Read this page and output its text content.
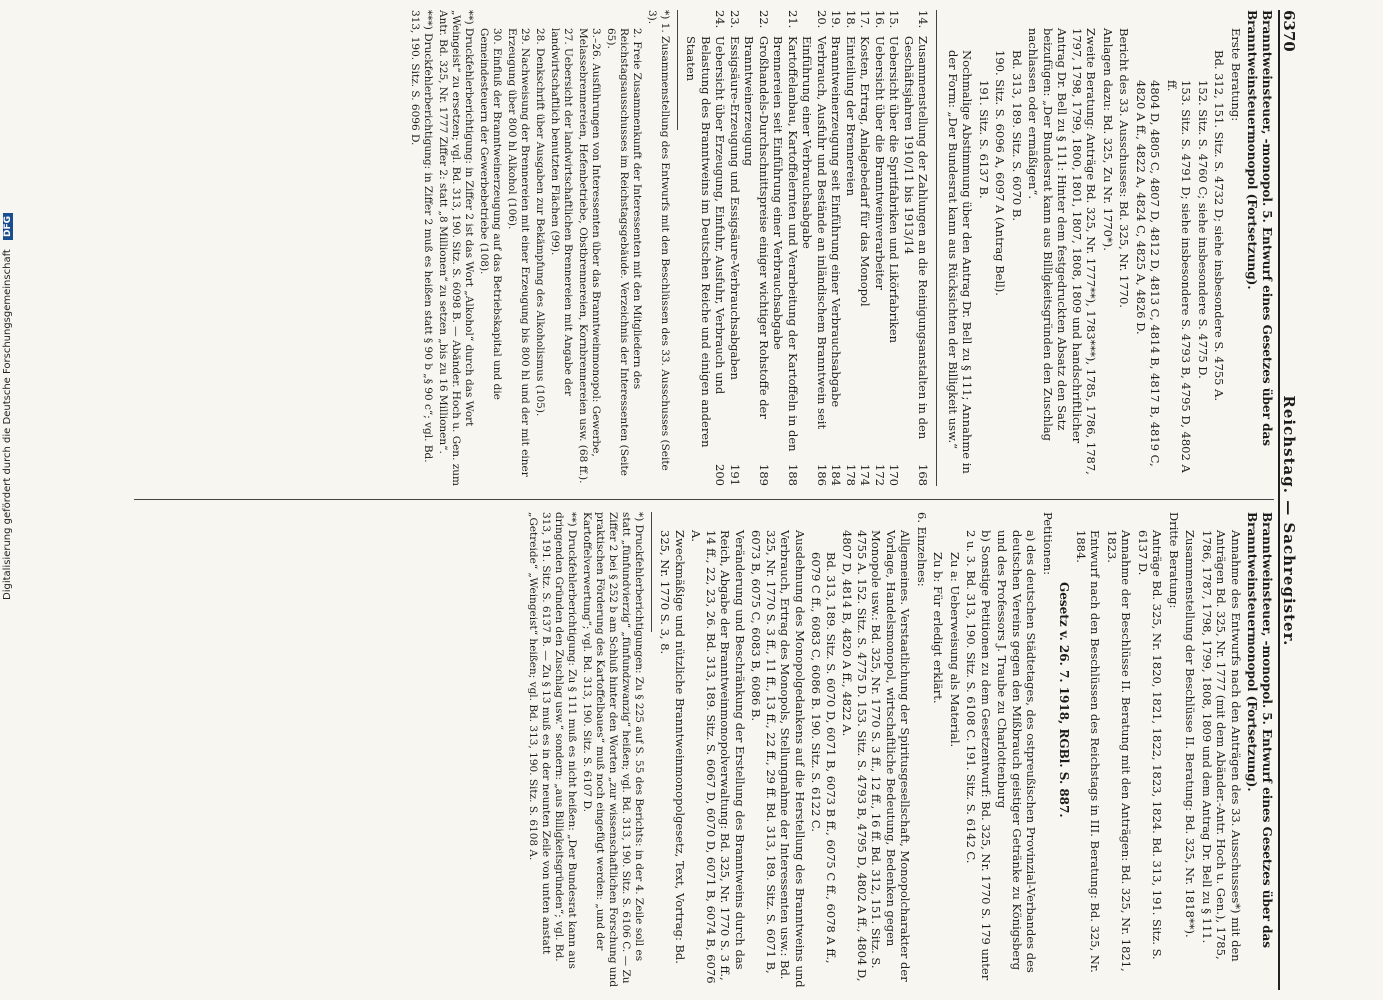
6370
Reichstag. — Sachregister.

Branntweinsteuer, -monopol. 5. Entwurf eines Gesetzes über das Branntweinsteuermonopol (Fortsetzung).

Erste Beratung:

Bd. 312, 151. Sitz. S. 4732 D; siehe insbesondere S. 4755 A.

152. Sitz. S. 4760 C; siehe insbesondere S. 4775 D.

153. Sitz. S. 4791 D; siehe insbesondere S. 4793 B, 4795 D, 4802 A ff.

4804 D, 4805 C, 4807 D, 4812 D, 4813 C, 4814 B, 4817 B, 4819 C, 4820 A ff., 4822 A, 4824 C, 4825 A, 4826 D.

Bericht des 33. Ausschusses: Bd. 325, Nr. 1770.

Anlagen dazu: Bd. 325, Zu Nr. 1770*).

Zweite Beratung: Anträge Bd. 325, Nr. 1777**), 1783***), 1785, 1786, 1787, 1797, 1798, 1799, 1800, 1801, 1807, 1808, 1809 und handschriftlicher Antrag Dr. Bell zu § 111: Hinter dem festgedruckten Absatz den Satz beizufügen: „Der Bundesrat kann aus Billigkeitsgründen den Zuschlag nachlassen oder ermäßigen“.

Bd. 313, 189. Sitz. S. 6070 B.

190. Sitz. S. 6096 A, 6097 A (Antrag Bell).

191. Sitz. S. 6137 B.

Nochmalige Abstimmung über den Antrag Dr. Bell zu § 111; Annahme in der Form: „Der Bundesrat kann aus Rücksichten der Billigkeit usw.“

14.
Zusammenstellung der Zahlungen an die Reinigungsanstalten in den Geschäftsjahren 1910/11 bis 1913/14
168
15.
Uebersicht über die Spritfabriken und Likörfabriken
170
16.
Uebersicht über die Branntweinverarbeiter
172
17.
Kosten, Ertrag, Anlagebedarf für das Monopol
174
18.
Einteilung der Brennereien
178
19.
Branntweinerzeugung seit Einführung einer Verbrauchsabgabe
184
20.
Verbrauch, Ausfuhr und Bestände an inländischem Branntwein seit Einführung einer Verbrauchsabgabe
186
21.
Kartoffelanbau, Kartoffelernten und Verarbeitung der Kartoffeln in den Brennereien seit Einführung einer Verbrauchsabgabe
188
22.
Großhandels-Durchschnittspreise einiger wichtiger Rohstoffe der Branntweinerzeugung
189
23.
Essigsäure-Erzeugung und Essigsäure-Verbrauchsabgaben
191
24.
Uebersicht über Erzeugung, Einfuhr, Ausfuhr, Verbrauch und Belastung des Branntweins im Deutschen Reiche und einigen anderen Staaten
200

*) 1. Zusammenstellung des Entwurfs mit den Beschlüssen des 33. Ausschusses (Seite 3).

2. Freie Zusammenkunft der Interessenten mit den Mitgliedern des Reichstagsausschusses im Reichstagsgebäude. Verzeichnis der Interessenten (Seite 65).

3.–26. Ausführungen von Interessenten über das Branntweinmonopol: Gewerbe, Melassebrennereien, Hefenbetriebe, Obstbrennereien, Kornbrennereien usw. (68 ff.).

27. Uebersicht der landwirtschaftlichen Brennereien mit Angabe der landwirtschaftlich benutzten Flächen (99).

28. Denkschrift über Ausgaben zur Bekämpfung des Alkoholismus (105).

29. Nachweisung der Brennereien mit einer Erzeugung bis 800 hl und der mit einer Erzeugung über 800 hl Alkohol (106).

30. Einfluß der Branntweinerzeugung auf das Betriebskapital und die Gemeindesteuern der Gewerbebetriebe (108).

**) Druckfehlerberichtigung: in Ziffer 2 ist das Wort „Alkohol“ durch das Wort „Weingeist“ zu ersetzen; vgl. Bd. 313, 190. Sitz. S. 6098 B. — Abänder. Hoch u. Gen. zum Antr. Bd. 325, Nr. 1777 Ziffer 2: statt „8 Millionen“ zu setzen „bis zu 16 Millionen“.

***) Druckfehlerberichtigung: in Ziffer 2 muß es heißen statt § 90 b „§ 90 c“; vgl. Bd. 313, 190. Sitz. S. 6096 D.

Branntweinsteuer, -monopol. 5. Entwurf eines Gesetzes über das Branntweinsteuermonopol (Fortsetzung).

Annahme des Entwurfs nach den Anträgen des 33. Ausschusses*) mit den Anträgen Bd. 325, Nr. 1777 (mit dem Abänder.-Antr. Hoch u. Gen.), 1785, 1786, 1787, 1798, 1799, 1808, 1809 und dem Antrag Dr. Bell zu § 111.

Zusammenstellung der Beschlüsse II. Beratung: Bd. 325, Nr. 1818**).

Dritte Beratung:

Anträge Bd. 325, Nr. 1820, 1821, 1822, 1823, 1824. Bd. 313, 191. Sitz. S. 6137 D.

Annahme der Beschlüsse II. Beratung mit den Anträgen: Bd. 325, Nr. 1821, 1823.

Entwurf nach den Beschlüssen des Reichstags in III. Beratung: Bd. 325, Nr. 1884.

Gesetz v. 26. 7. 1918, RGBl. S. 887.

Petitionen:

a) des deutschen Städtetages, des ostpreußischen Provinzial-Verbandes des deutschen Vereins gegen den Mißbrauch geistiger Getränke zu Königsberg und des Professors J. Traube zu Charlottenburg

b) Sonstige Petitionen zu dem Gesetzentwurf: Bd. 325, Nr. 1770 S. 179 unter 2 u. 3. Bd. 313, 190. Sitz. S. 6108 C. 191. Sitz. S. 6142 C.

Zu a: Ueberweisung als Material.

Zu b: Für erledigt erklärt.

6. Einzelnes:

Allgemeines. Verstaatlichung der Spiritusgesellschaft, Monopolcharakter der Vorlage, Handelsmonopol, wirtschaftliche Bedeutung, Bedenken gegen Monopole usw.: Bd. 325, Nr. 1770 S. 3 ff., 12 ff., 16 ff. Bd. 312, 151. Sitz. S. 4755 A. 152. Sitz. S. 4775 D. 153. Sitz. S. 4793 B, 4795 D, 4802 A ff., 4804 D, 4807 D, 4814 B, 4820 A ff., 4822 A.

Bd. 313, 189. Sitz. S. 6070 D, 6071 B, 6073 B ff., 6075 C ff., 6078 A ff., 6079 C ff., 6083 C, 6086 B. 190. Sitz. S. 6122 C.

Ausdehnung des Monopolgedankens auf die Herstellung des Branntweins und Verbrauch, Ertrag des Monopols, Stellungnahme der Interessenten usw.: Bd. 325, Nr. 1770 S. 3 ff., 11 ff., 13 ff., 22 ff., 29 ff. Bd. 313, 189. Sitz. S. 6071 B, 6073 B, 6075 C, 6083 B, 6086 B.

Veränderung und Beschränkung der Erstellung des Branntweins durch das Reich, Abgabe der Branntweinmonopolverwaltung: Bd. 325, Nr. 1770 S. 3 ff., 14 ff., 22, 23, 26. Bd. 313, 189. Sitz. S. 6067 D, 6070 D, 6071 B, 6074 B, 6076 A.

Zweckmäßige und nützliche Branntweinmonopolgesetz, Text, Vortrag: Bd. 325, Nr. 1770 S. 3, 8.

*) Druckfehlerberichtigungen: Zu § 225 auf S. 55 des Berichts: in der 4. Zeile soll es statt „fünfundvierzig“ „fünfundzwanzig“ heißen; vgl. Bd. 313, 190. Sitz. S. 6106 C. — Zu Ziffer 2 bei § 252 b am Schluß hinter den Worten „zur wissenschaftlichen Forschung und praktischen Förderung des Kartoffelbaues“ muß noch eingefügt werden: „und der Kartoffelverwertung“; vgl. Bd. 313, 190. Sitz. S. 6107 D.

**) Druckfehlerberichtigung: Zu § 111 muß es nicht heißen: „Der Bundesrat kann aus dringenden Gründen den Zuschlag usw.“ sondern: „aus Billigkeitsgründen“; vgl. Bd. 313, 191. Sitz. S. 6137 B. — Zu § 13 muß es in der neunten Zeile von unten anstatt „Getreide“ „Weingeist“ heißen; vgl. Bd. 313, 190. Sitz. S. 6108 A.

Digitalisierung gefördert durch die Deutsche Forschungsgemeinschaft DFG
